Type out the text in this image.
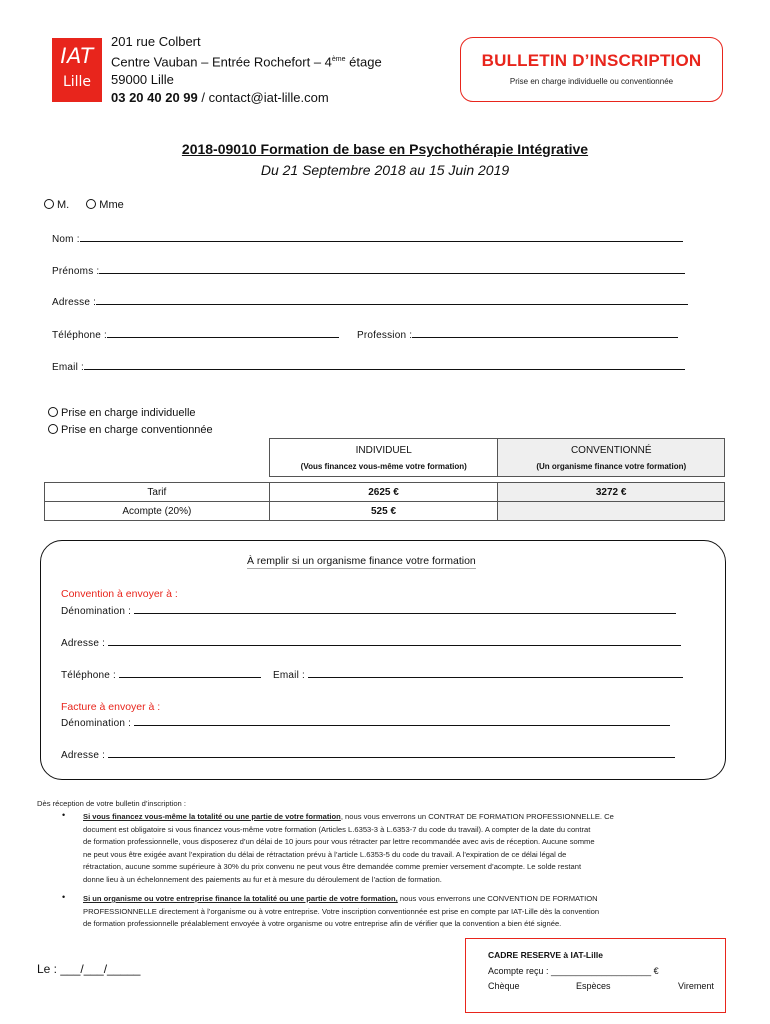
IAT
Lille
201 rue Colbert
Centre Vauban – Entrée Rochefort – 4ème étage
59000 Lille
03 20 40 20 99 / contact@iat-lille.com
BULLETIN D’INSCRIPTION
Prise en charge individuelle ou conventionnée
2018-09010 Formation de base en Psychothérapie Intégrative
Du 21 Septembre 2018 au 15 Juin 2019
M.	Mme
Nom :
Prénoms :
Adresse :
Téléphone :	Profession :
Email :
Prise en charge individuelle
Prise en charge conventionnée
INDIVIDUEL
(Vous financez vous-même votre formation)

CONVENTIONNÉ
(Un organisme finance votre formation)
Tarif	2625 €	3272 €
Acompte (20%)	525 €	
À remplir si un organisme finance votre formation
Convention à envoyer à :
Dénomination :
Adresse :
Téléphone :	Email :
Facture à envoyer à :
Dénomination :
Adresse :
Dès réception de votre bulletin d’inscription :
• Si vous financez vous-même la totalité ou une partie de votre formation, nous vous enverrons un CONTRAT DE FORMATION PROFESSIONNELLE. Ce
document est obligatoire si vous financez vous-même votre formation (Articles L.6353-3 à L.6353-7 du code du travail). A compter de la date du contrat
de formation professionnelle, vous disposerez d’un délai de 10 jours pour vous rétracter par lettre recommandée avec avis de réception. Aucune somme
ne peut vous être exigée avant l’expiration du délai de rétractation prévu à l’article L.6353-5 du code du travail. A l’expiration de ce délai légal de
rétractation, aucune somme supérieure à 30% du prix convenu ne peut vous être demandée comme premier versement d’acompte. Le solde restant
donne lieu à un échelonnement des paiements au fur et à mesure du déroulement de l’action de formation.
• Si un organisme ou votre entreprise finance la totalité ou une partie de votre formation, nous vous enverrons une CONVENTION DE FORMATION
PROFESSIONNELLE directement à l’organisme ou à votre entreprise. Votre inscription conventionnée est prise en compte par IAT-Lille dès la convention
de formation professionnelle préalablement envoyée à votre organisme ou votre entreprise afin de vérifier que la convention a bien été signée.
Le : ___/___/_____
CADRE RESERVE à IAT-Lille
Acompte reçu : ____________________ €
Chèque	Espèces	Virement
